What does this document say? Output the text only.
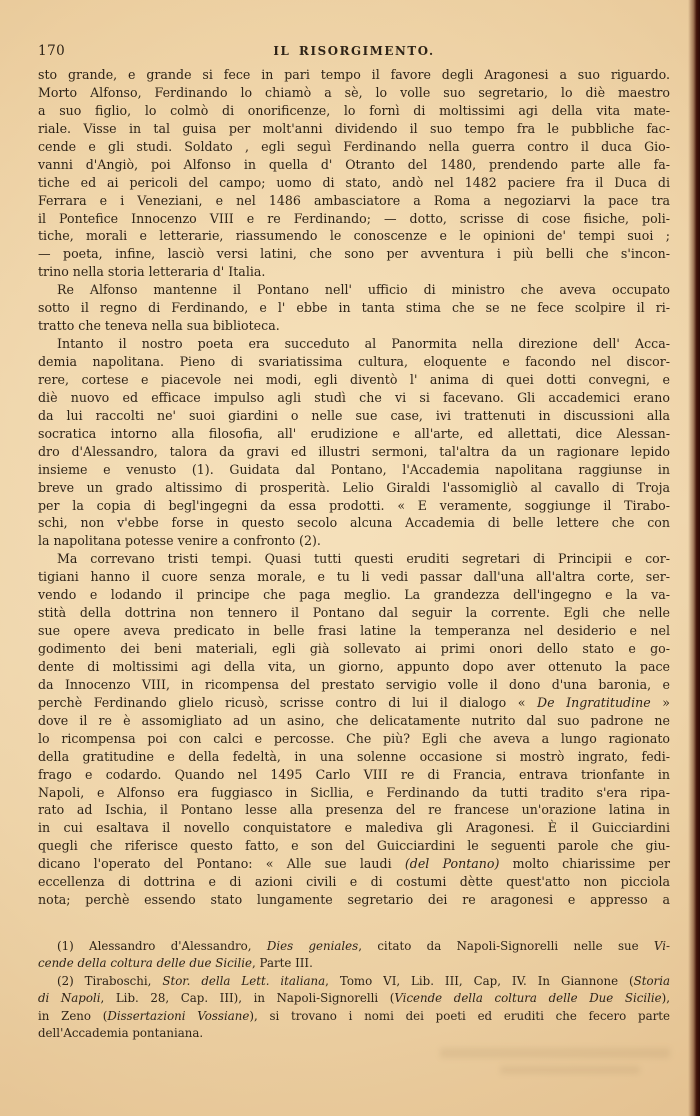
170	IL RISORGIMENTO.
sto grande, e grande si fece in pari tempo il favore degli Aragonesi a suo riguardo.
Morto Alfonso, Ferdinando lo chiamò a sè, lo volle suo segretario, lo diè maestro
a suo figlio, lo colmò di onorificenze, lo fornì di moltissimi agi della vita mate-
riale. Visse in tal guisa per molt'anni dividendo il suo tempo fra le pubbliche fac-
cende e gli studi. Soldato , egli seguì Ferdinando nella guerra contro il duca Gio-
vanni d'Angiò, poi Alfonso in quella d' Otranto del 1480, prendendo parte alle fa-
tiche ed ai pericoli del campo; uomo di stato, andò nel 1482 paciere fra il Duca di
Ferrara e i Veneziani, e nel 1486 ambasciatore a Roma a negoziarvi la pace tra
il Pontefice Innocenzo VIII e re Ferdinando; — dotto, scrisse di cose fisiche, poli-
tiche, morali e letterarie, riassumendo le conoscenze e le opinioni de' tempi suoi ;
— poeta, infine, lasciò versi latini, che sono per avventura i più belli che s'incon-
trino nella storia letteraria d' Italia.
Re Alfonso mantenne il Pontano nell' ufficio di ministro che aveva occupato
sotto il regno di Ferdinando, e l' ebbe in tanta stima che se ne fece scolpire il ri-
tratto che teneva nella sua biblioteca.
Intanto il nostro poeta era succeduto al Panormita nella direzione dell' Acca-
demia napolitana. Pieno di svariatissima cultura, eloquente e facondo nel discor-
rere, cortese e piacevole nei modi, egli diventò l' anima di quei dotti convegni, e
diè nuovo ed efficace impulso agli studì che vi si facevano. Gli accademici erano
da lui raccolti ne' suoi giardini o nelle sue case, ivi trattenuti in discussioni alla
socratica intorno alla filosofia, all' erudizione e all'arte, ed allettati, dice Alessan-
dro d'Alessandro, talora da gravi ed illustri sermoni, tal'altra da un ragionare lepido
insieme e venusto (1). Guidata dal Pontano, l'Accademia napolitana raggiunse in
breve un grado altissimo di prosperità. Lelio Giraldi l'assomigliò al cavallo di Troja
per la copia di begl'ingegni da essa prodotti. « E veramente, soggiunge il Tirabo-
schi, non v'ebbe forse in questo secolo alcuna Accademia di belle lettere che con
la napolitana potesse venire a confronto (2).
Ma correvano tristi tempi. Quasi tutti questi eruditi segretari di Principii e cor-
tigiani hanno il cuore senza morale, e tu li vedi passar dall'una all'altra corte, ser-
vendo e lodando il principe che paga meglio. La grandezza dell'ingegno e la va-
stità della dottrina non tennero il Pontano dal seguir la corrente. Egli che nelle
sue opere aveva predicato in belle frasi latine la temperanza nel desiderio e nel
godimento dei beni materiali, egli già sollevato ai primi onori dello stato e go-
dente di moltissimi agi della vita, un giorno, appunto dopo aver ottenuto la pace
da Innocenzo VIII, in ricompensa del prestato servigio volle il dono d'una baronia, e
perchè Ferdinando glielo ricusò, scrisse contro di lui il dialogo « De Ingratitudine »
dove il re è assomigliato ad un asino, che delicatamente nutrito dal suo padrone ne
lo ricompensa poi con calci e percosse. Che più? Egli che aveva a lungo ragionato
della gratitudine e della fedeltà, in una solenne occasione si mostrò ingrato, fedi-
frago e codardo. Quando nel 1495 Carlo VIII re di Francia, entrava trionfante in
Napoli, e Alfonso era fuggiasco in Sicllia, e Ferdinando da tutti tradito s'era ripa-
rato ad Ischia, il Pontano lesse alla presenza del re francese un'orazione latina in
in cui esaltava il novello conquistatore e malediva gli Aragonesi. È il Guicciardini
quegli che riferisce questo fatto, e son del Guicciardini le seguenti parole che giu-
dicano l'operato del Pontano: « Alle sue laudi (del Pontano) molto chiarissime per
eccellenza di dottrina e di azioni civili e di costumi dètte quest'atto non picciola
nota; perchè essendo stato lungamente segretario dei re aragonesi e appresso a
(1) Alessandro d'Alessandro, Dies geniales, citato da Napoli-Signorelli nelle sue Vi-
cende della coltura delle due Sicilie, Parte III.
(2) Tiraboschi, Stor. della Lett. italiana, Tomo VI, Lib. III, Cap, IV. In Giannone (Storia
di Napoli, Lib. 28, Cap. III), in Napoli-Signorelli (Vicende della coltura delle Due Sicilie),
in Zeno (Dissertazioni Vossiane), si trovano i nomi dei poeti ed eruditi che fecero parte
dell'Accademia pontaniana.
